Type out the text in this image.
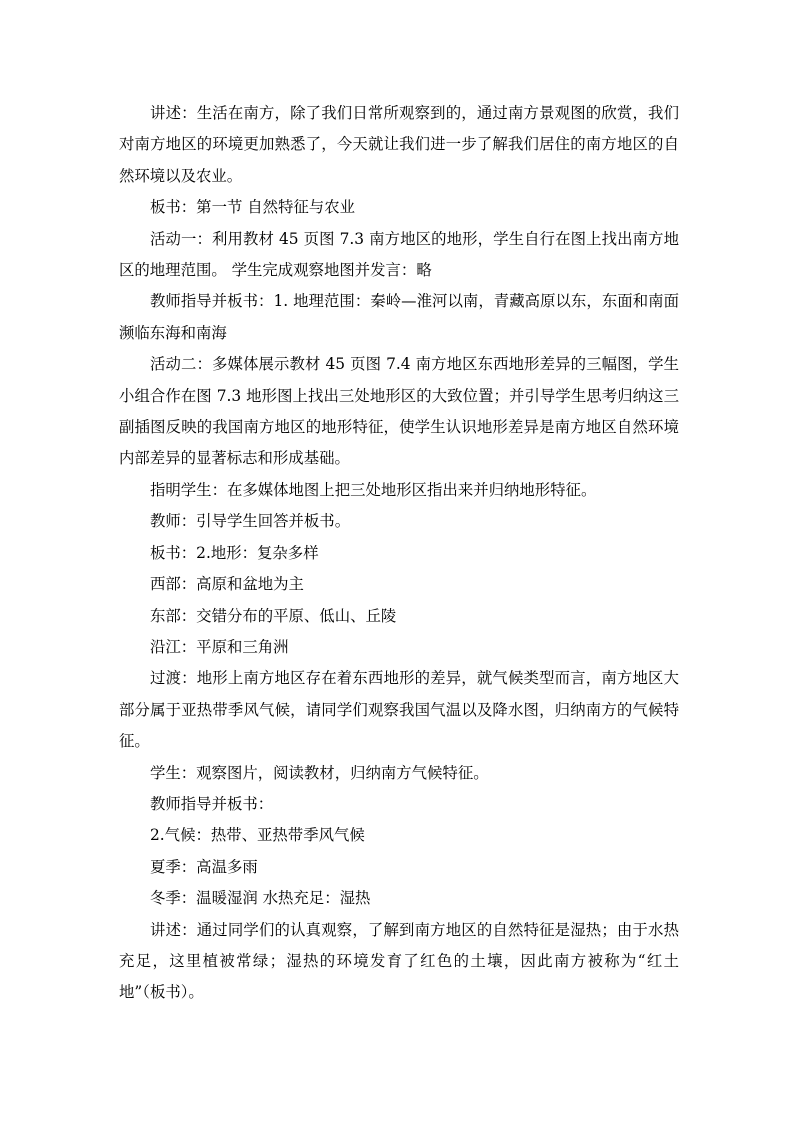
讲述：生活在南方，除了我们日常所观察到的，通过南方景观图的欣赏，我们对南方地区的环境更加熟悉了，今天就让我们进一步了解我们居住的南方地区的自然环境以及农业。

板书：第一节 自然特征与农业

活动一：利用教材 45 页图 7.3 南方地区的地形，学生自行在图上找出南方地区的地理范围。 学生完成观察地图并发言：略

教师指导并板书：1. 地理范围：秦岭—淮河以南，青藏高原以东，东面和南面濒临东海和南海

活动二：多媒体展示教材 45 页图 7.4 南方地区东西地形差异的三幅图，学生小组合作在图 7.3 地形图上找出三处地形区的大致位置；并引导学生思考归纳这三副插图反映的我国南方地区的地形特征，使学生认识地形差异是南方地区自然环境内部差异的显著标志和形成基础。

指明学生：在多媒体地图上把三处地形区指出来并归纳地形特征。

教师：引导学生回答并板书。

板书：2.地形：复杂多样

西部：高原和盆地为主

东部：交错分布的平原、低山、丘陵

沿江：平原和三角洲

过渡：地形上南方地区存在着东西地形的差异，就气候类型而言，南方地区大部分属于亚热带季风气候，请同学们观察我国气温以及降水图，归纳南方的气候特征。

学生：观察图片，阅读教材，归纳南方气候特征。

教师指导并板书：

2.气候：热带、亚热带季风气候

夏季：高温多雨

冬季：温暖湿润 水热充足：湿热

讲述：通过同学们的认真观察，了解到南方地区的自然特征是湿热；由于水热充足，这里植被常绿；湿热的环境发育了红色的土壤，因此南方被称为“红土地”（板书）。
